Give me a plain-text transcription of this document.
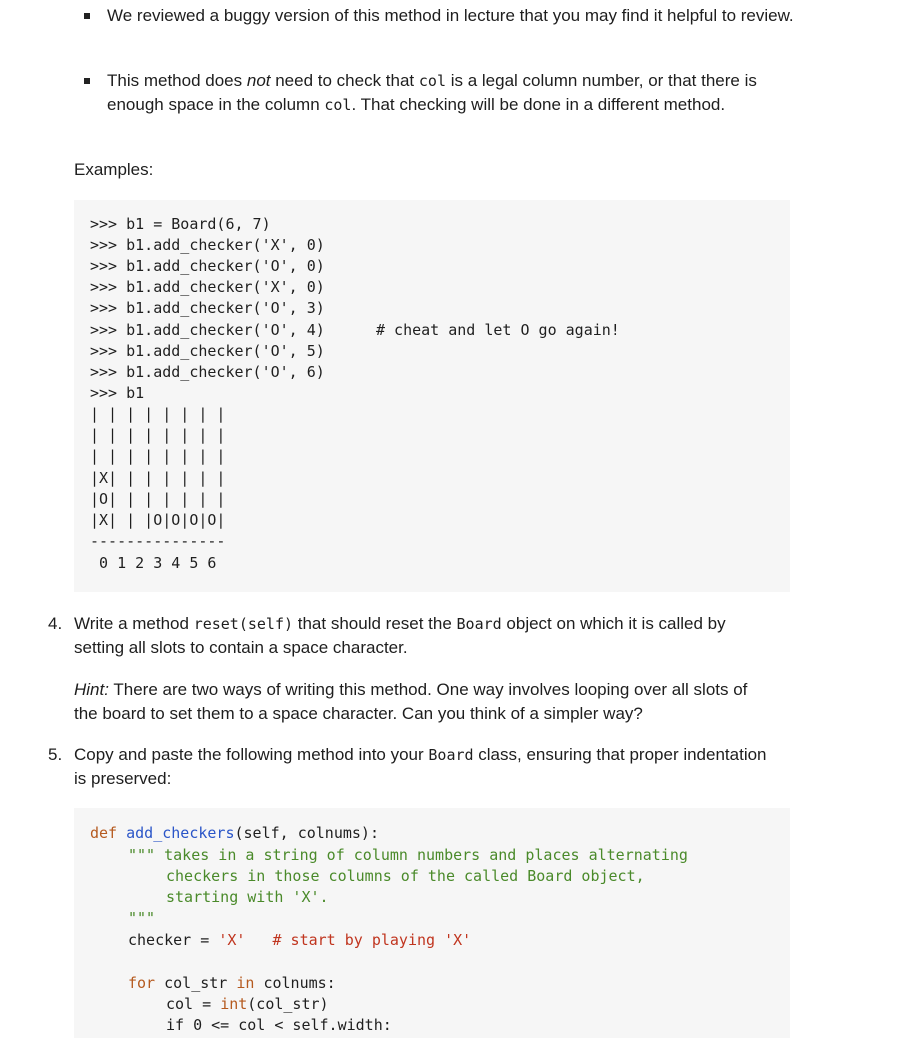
We reviewed a buggy version of this method in lecture that you may find it helpful to review.
This method does not need to check that col is a legal column number, or that there is enough space in the column col. That checking will be done in a different method.
Examples:

>>> b1 = Board(6, 7)

>>> b1.add_checker('X', 0)

>>> b1.add_checker('O', 0)

>>> b1.add_checker('X', 0)

>>> b1.add_checker('O', 3)

>>> b1.add_checker('O', 4)

	# cheat and let O go again!

>>> b1.add_checker('O', 5)

>>> b1.add_checker('O', 6)

>>> b1

| | | | | | | |

| | | | | | | |

| | | | | | | |

|X| | | | | | |

|O| | | | | | |

|X| | |O|O|O|O|

---------------

0 1 2 3 4 5 6

4. Write a method reset(self) that should reset the Board object on which it is called by setting all slots to contain a space character.
Hint: There are two ways of writing this method. One way involves looping over all slots of the board to set them to a space character. Can you think of a simpler way?
5. Copy and paste the following method into your Board class, ensuring that proper indentation is preserved:

def add_checkers(self, colnums):

""" takes in a string of column numbers and places alternating

checkers in those columns of the called Board object,

starting with 'X'.

"""

checker = 'X' # start by playing 'X'

for col_str in colnums:

col = int(col_str)

if 0 <= col < self.width:
